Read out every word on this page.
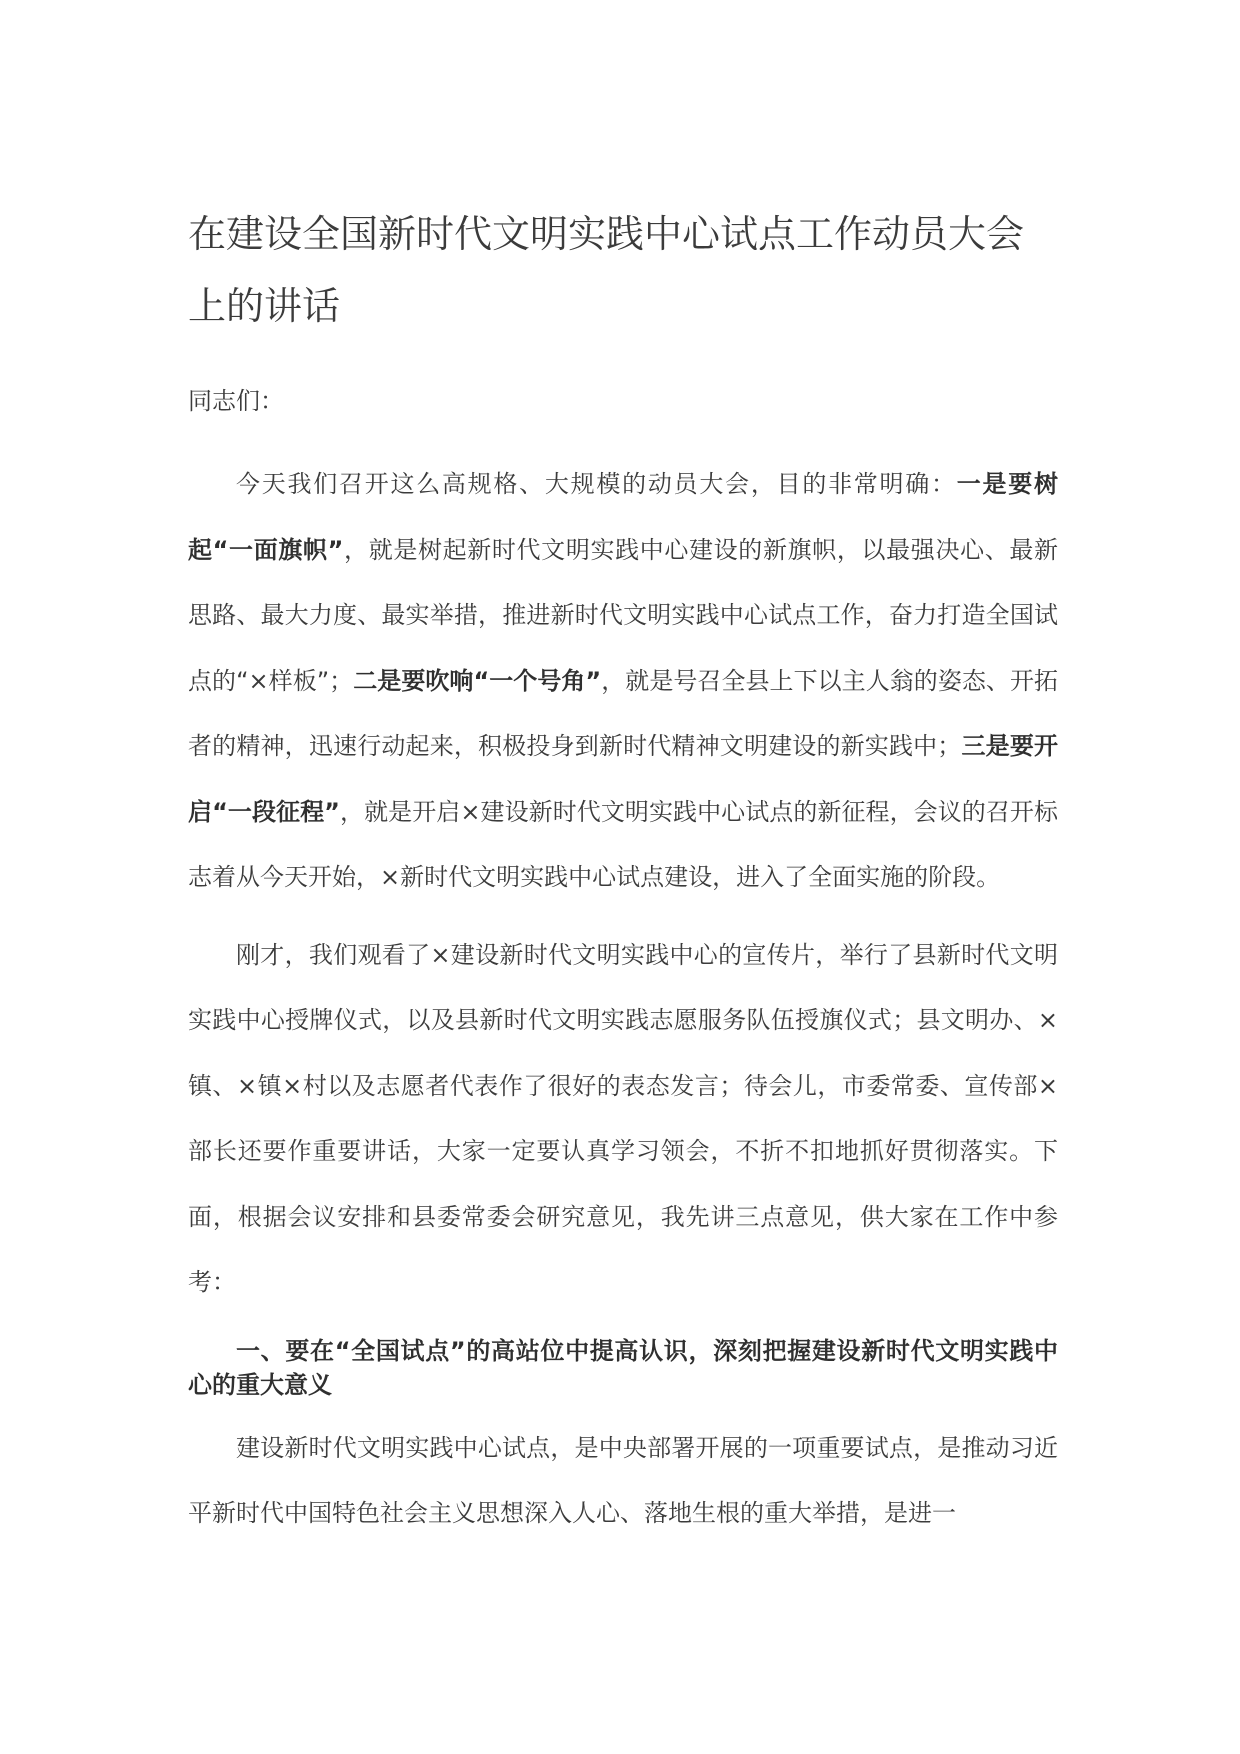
在建设全国新时代文明实践中心试点工作动员大会上的讲话

同志们：

今天我们召开这么高规格、大规模的动员大会，目的非常明确：一是要树起“一面旗帜”，就是树起新时代文明实践中心建设的新旗帜，以最强决心、最新思路、最大力度、最实举措，推进新时代文明实践中心试点工作，奋力打造全国试点的“×样板”；二是要吹响“一个号角”，就是号召全县上下以主人翁的姿态、开拓者的精神，迅速行动起来，积极投身到新时代精神文明建设的新实践中；三是要开启“一段征程”，就是开启×建设新时代文明实践中心试点的新征程，会议的召开标志着从今天开始，×新时代文明实践中心试点建设，进入了全面实施的阶段。

刚才，我们观看了×建设新时代文明实践中心的宣传片，举行了县新时代文明实践中心授牌仪式，以及县新时代文明实践志愿服务队伍授旗仪式；县文明办、×镇、×镇×村以及志愿者代表作了很好的表态发言；待会儿，市委常委、宣传部×部长还要作重要讲话，大家一定要认真学习领会，不折不扣地抓好贯彻落实。下面，根据会议安排和县委常委会研究意见，我先讲三点意见，供大家在工作中参考：

一、要在“全国试点”的高站位中提高认识，深刻把握建设新时代文明实践中心的重大意义

建设新时代文明实践中心试点，是中央部署开展的一项重要试点，是推动习近平新时代中国特色社会主义思想深入人心、落地生根的重大举措，是进一
